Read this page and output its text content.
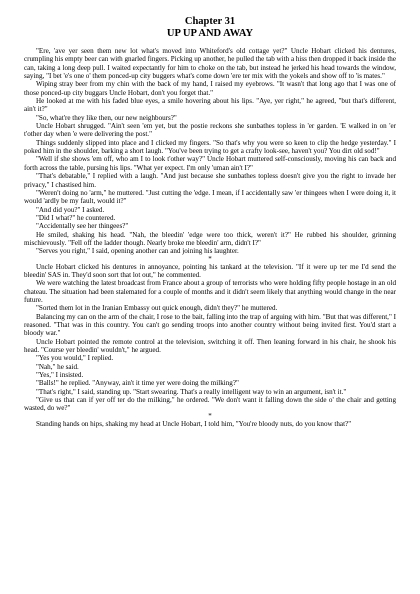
Chapter 31
UP UP AND AWAY

"Ere, 'ave yer seen them new lot what's moved into Whiteford's old cottage yet?" Uncle Hobart clicked his dentures, crumpling his empty beer can with gnarled fingers. Picking up another, he pulled the tab with a hiss then dropped it back inside the can, taking a long deep pull. I waited expectantly for him to choke on the tab, but instead he jerked his head towards the window, saying, "I bet 'e's one o' them ponced-up city buggers what's come down 'ere ter mix with the yokels and show off to 'is mates."

Wiping stray beer from my chin with the back of my hand, I raised my eyebrows. "It wasn't that long ago that I was one of those ponced-up city buggars Uncle Hobart, don't you forget that."

He looked at me with his faded blue eyes, a smile hovering about his lips. "Aye, yer right," he agreed, "but that's different, ain't it?"

"So, what're they like then, our new neighbours?"

Uncle Hobart shrugged. "Ain't seen 'em yet, but the postie reckons she sunbathes topless in 'er garden. 'E walked in on 'er t'other day when 'e were delivering the post."

Things suddenly slipped into place and I clicked my fingers. "So that's why you were so keen to clip the hedge yesterday." I poked him in the shoulder, barking a short laugh. "You've been trying to get a crafty look-see, haven't you? You dirt old sod!"

"Well if she shows 'em off, who am I to look t'other way?" Uncle Hobart muttered self-consciously, moving his can back and forth across the table, pursing his lips. "What yer expect. I'm only 'uman ain't I?"

"That's debatable," I replied with a laugh. "And just because she sunbathes topless doesn't give you the right to invade her privacy," I chastised him.

"Weren't doing no 'arm," he muttered. "Just cutting the 'edge. I mean, if I accidentally saw 'er thingees when I were doing it, it would 'ardly be my fault, would it?"

"And did you?" I asked.

"Did I what?" he countered.

"Accidentally see her thingees?"

He smiled, shaking his head. "Nah, the bleedin' 'edge were too thick, weren't it?" He rubbed his shoulder, grinning mischievously. "Fell off the ladder though. Nearly broke me bleedin' arm, didn't I?"

"Serves you right," I said, opening another can and joining his laughter.

*

Uncle Hobart clicked his dentures in annoyance, pointing his tankard at the television. "If it were up ter me I'd send the bleedin' SAS in. They'd soon sort that lot out," he commented.

We were watching the latest broadcast from France about a group of terrorists who were holding fifty people hostage in an old chateau. The situation had been stalemated for a couple of months and it didn't seem likely that anything would change in the near future.

"Sorted them lot in the Iranian Embassy out quick enough, didn't they?" he muttered.

Balancing my can on the arm of the chair, I rose to the bait, falling into the trap of arguing with him. "But that was different," I reasoned. "That was in this country. You can't go sending troops into another country without being invited first. You'd start a bloody war."

Uncle Hobart pointed the remote control at the television, switching it off. Then leaning forward in his chair, he shook his head. "Course yer bleedin' wouldn't," he argued.

"Yes you would," I replied.

"Nah," he said.

"Yes," I insisted.

"Balls!" he replied. "Anyway, ain't it time yer were doing the milking?"

"That's right," I said, standing up. "Start swearing. That's a really intelligent way to win an argument, isn't it."

"Give us that can if yer off ter do the milking," he ordered. "We don't want it falling down the side o' the chair and getting wasted, do we?"

*

Standing hands on hips, shaking my head at Uncle Hobart, I told him, "You're bloody nuts, do you know that?"
